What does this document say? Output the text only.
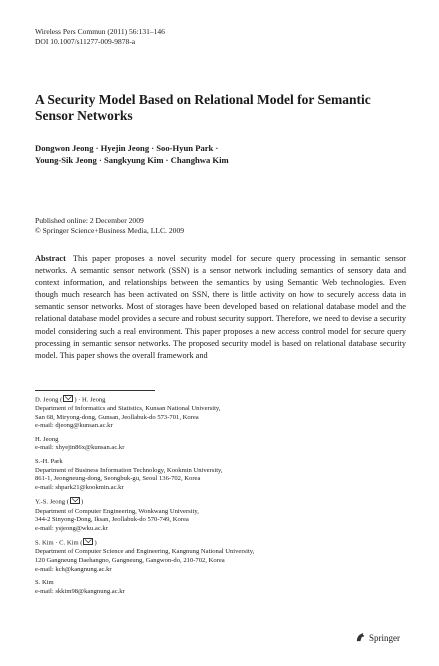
Wireless Pers Commun (2011) 56:131–146
DOI 10.1007/s11277-009-9878-a
A Security Model Based on Relational Model for Semantic Sensor Networks
Dongwon Jeong · Hyejin Jeong · Soo-Hyun Park ·
Young-Sik Jeong · Sangkyung Kim · Changhwa Kim
Published online: 2 December 2009
© Springer Science+Business Media, LLC. 2009
Abstract This paper proposes a novel security model for secure query processing in semantic sensor networks. A semantic sensor network (SSN) is a sensor network including semantics of sensory data and context information, and relationships between the semantics by using Semantic Web technologies. Even though much research has been activated on SSN, there is little activity on how to securely access data in semantic sensor networks. Most of storages have been developed based on relational database model and the relational database model provides a secure and robust security support. Therefore, we need to devise a security model considering such a real environment. This paper proposes a new access control model for secure query processing in semantic sensor networks. The proposed security model is based on relational database security model. This paper shows the overall framework and
D. Jeong ( ) · H. Jeong
Department of Informatics and Statistics, Kunsan National University,
San 68, Miryong-dong, Gunsan, Jeollabuk-do 573-701, Korea
e-mail: djeong@kunsan.ac.kr
H. Jeong
e-mail: xhyejin86x@kunsan.ac.kr
S.-H. Park
Department of Business Information Technology, Kookmin University,
861-1, Jeongneung-dong, Seongbuk-gu, Seoul 136-702, Korea
e-mail: shpark21@kookmin.ac.kr
Y.-S. Jeong ( )
Department of Computer Engineering, Wonkwang University,
344-2 Sinyong-Dong, Iksan, Jeollabuk-do 570-749, Korea
e-mail: ysjeong@wku.ac.kr
S. Kim · C. Kim ( )
Department of Computer Science and Engineering, Kangnung National University,
120 Gangneung Daehangno, Gangneung, Gangwon-do, 210-702, Korea
e-mail: kch@kangnung.ac.kr
S. Kim
e-mail: skkim98@kangnung.ac.kr
Springer
